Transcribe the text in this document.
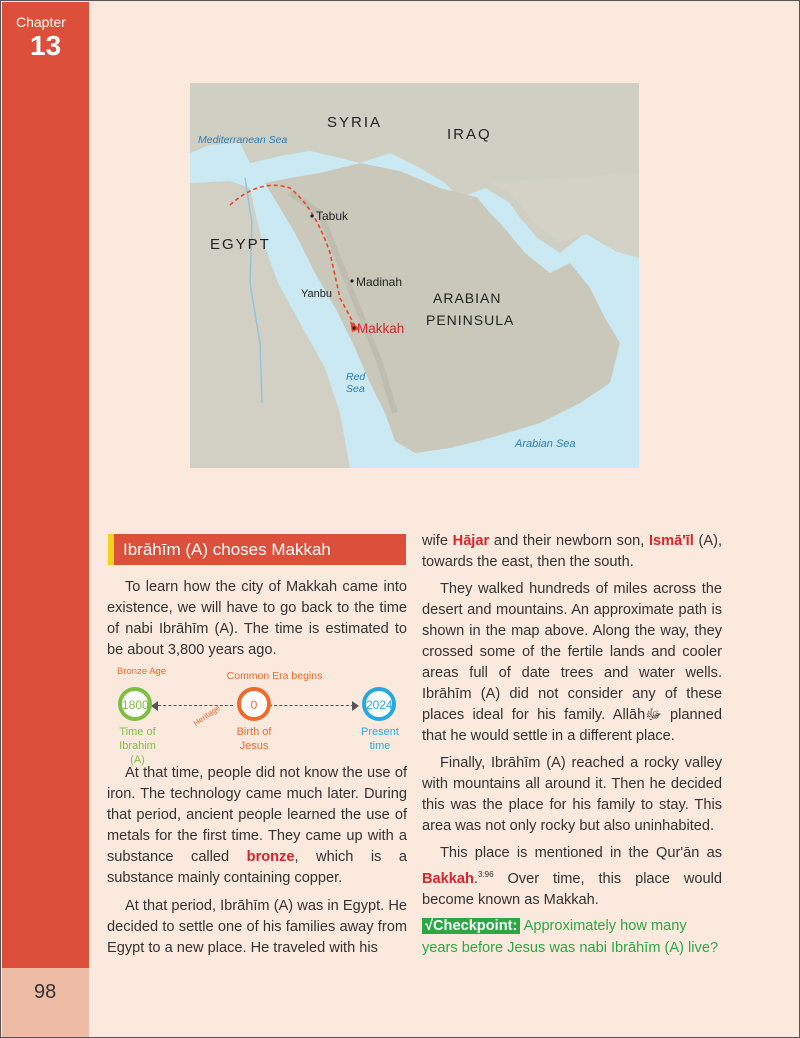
Chapter
13
98
SYRIA
IRAQ
Mediterranean Sea
EGYPT
Tabuk
Madinah
Yanbu
Makkah
ARABIAN
PENINSULA
Red
Sea
Arabian Sea
Ibrāhīm (A) choses Makkah

To learn how the city of Makkah came into existence, we will have to go back to the time of nabi Ibrāhīm (A). The time is estimated to be about 3,800 years ago.

Bronze Age	Common Era begins
Heritage
1800
Time of
Ibrahim (A)
0
Birth of
Jesus
2024
Present
time

At that time, people did not know the use of iron. The technology came much later. During that period, ancient people learned the use of metals for the first time. They came up with a substance called bronze, which is a substance mainly containing copper.

At that period, Ibrāhīm (A) was in Egypt. He decided to settle one of his families away from Egypt to a new place. He traveled with his

wife Hājar and their newborn son, Ismā'īl (A), towards the east, then the south.

They walked hundreds of miles across the desert and mountains. An approximate path is shown in the map above. Along the way, they crossed some of the fertile lands and cooler areas full of date trees and water wells. Ibrāhīm (A) did not consider any of these places ideal for his family. Allāhﷻ planned that he would settle in a different place.

Finally, Ibrāhīm (A) reached a rocky valley with mountains all around it. Then he decided this was the place for his family to stay. This area was not only rocky but also uninhabited.

This place is mentioned in the Qur'ān as Bakkah.$^{3:96}$ Over time, this place would become known as Makkah.

√Checkpoint: Approximately how many years before Jesus was nabi Ibrāhīm (A) live?
